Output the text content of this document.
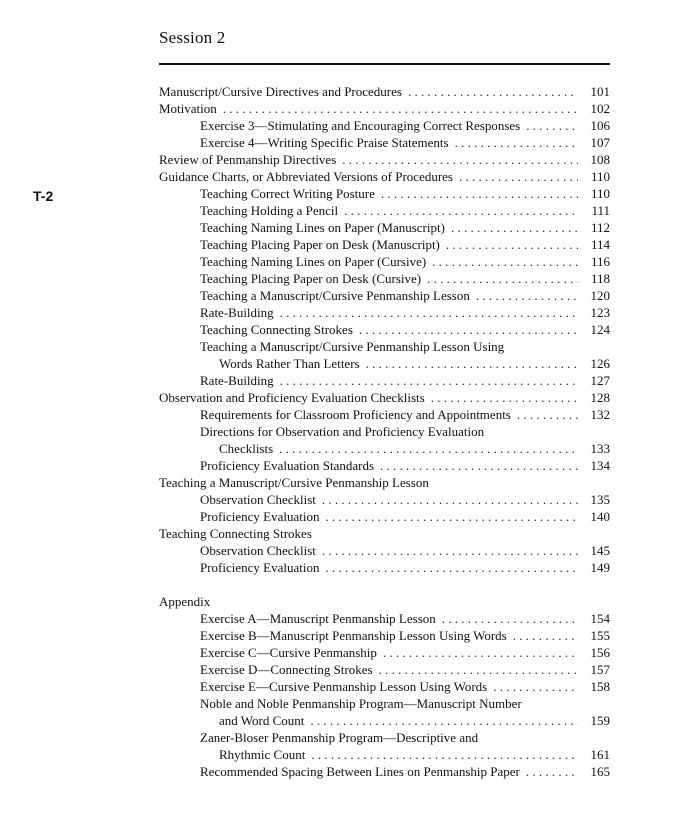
Session 2
T-2
Manuscript/Cursive Directives and Procedures . . .	101
Motivation . . .	102
Exercise 3—Stimulating and Encouraging Correct Responses . . .	106
Exercise 4—Writing Specific Praise Statements . . .	107
Review of Penmanship Directives . . .	108
Guidance Charts, or Abbreviated Versions of Procedures . . .	110
Teaching Correct Writing Posture . . .	110
Teaching Holding a Pencil . . .	111
Teaching Naming Lines on Paper (Manuscript) . . .	112
Teaching Placing Paper on Desk (Manuscript) . . .	114
Teaching Naming Lines on Paper (Cursive) . . .	116
Teaching Placing Paper on Desk (Cursive) . . .	118
Teaching a Manuscript/Cursive Penmanship Lesson . . .	120
Rate-Building . . .	123
Teaching Connecting Strokes . . .	124
Teaching a Manuscript/Cursive Penmanship Lesson Using
Words Rather Than Letters . . .	126
Rate-Building . . .	127
Observation and Proficiency Evaluation Checklists . . .	128
Requirements for Classroom Proficiency and Appointments . . .	132
Directions for Observation and Proficiency Evaluation
Checklists . . .	133
Proficiency Evaluation Standards . . .	134
Teaching a Manuscript/Cursive Penmanship Lesson
Observation Checklist . . .	135
Proficiency Evaluation . . .	140
Teaching Connecting Strokes
Observation Checklist . . .	145
Proficiency Evaluation . . .	149
Appendix
Exercise A—Manuscript Penmanship Lesson . . .	154
Exercise B—Manuscript Penmanship Lesson Using Words . . .	155
Exercise C—Cursive Penmanship . . .	156
Exercise D—Connecting Strokes . . .	157
Exercise E—Cursive Penmanship Lesson Using Words . . .	158
Noble and Noble Penmanship Program—Manuscript Number
and Word Count . . .	159
Zaner-Bloser Penmanship Program—Descriptive and
Rhythmic Count . . .	161
Recommended Spacing Between Lines on Penmanship Paper . . .	165
